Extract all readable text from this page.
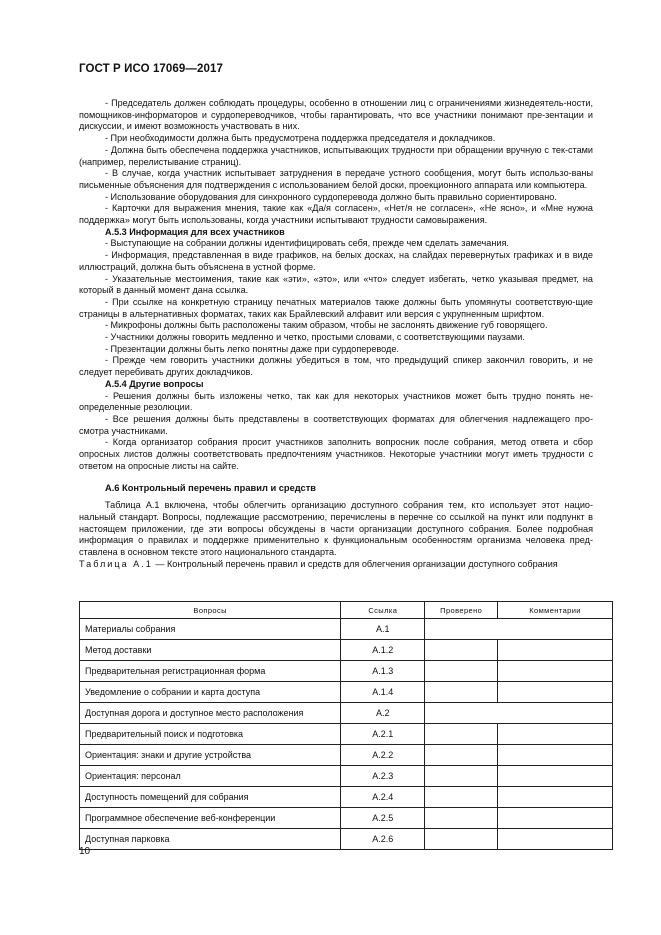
ГОСТ Р ИСО 17069—2017

- Председатель должен соблюдать процедуры, особенно в отношении лиц с ограничениями жизнедеятель-ности, помощников-информаторов и сурдопереводчиков, чтобы гарантировать, что все участники понимают пре-зентации и дискуссии, и имеют возможность участвовать в них.

- При необходимости должна быть предусмотрена поддержка председателя и докладчиков.

- Должна быть обеспечена поддержка участников, испытывающих трудности при обращении вручную с тек-стами (например, перелистывание страниц).

- В случае, когда участник испытывает затруднения в передаче устного сообщения, могут быть использо-ваны письменные объяснения для подтверждения с использованием белой доски, проекционного аппарата или компьютера.

- Использование оборудования для синхронного сурдоперевода должно быть правильно сориентировано.

- Карточки для выражения мнения, такие как «Да/я согласен», «Нет/я не согласен», «Не ясно», и «Мне нужна поддержка» могут быть использованы, когда участники испытывают трудности самовыражения.

А.5.3 Информация для всех участников

- Выступающие на собрании должны идентифицировать себя, прежде чем сделать замечания.

- Информация, представленная в виде графиков, на белых досках, на слайдах перевернутых графиках и в виде иллюстраций, должна быть объяснена в устной форме.

- Указательные местоимения, такие как «эти», «это», или «что» следует избегать, четко указывая предмет, на который в данный момент дана ссылка.

- При ссылке на конкретную страницу печатных материалов также должны быть упомянуты соответствую-щие страницы в альтернативных форматах, таких как Брайлевский алфавит или версия с укрупненным шрифтом.

- Микрофоны должны быть расположены таким образом, чтобы не заслонять движение губ говорящего.

- Участники должны говорить медленно и четко, простыми словами, с соответствующими паузами.

- Презентации должны быть легко понятны даже при сурдопереводе.

- Прежде чем говорить участники должны убедиться в том, что предыдущий спикер закончил говорить, и не следует перебивать других докладчиков.

А.5.4 Другие вопросы

- Решения должны быть изложены четко, так как для некоторых участников может быть трудно понять не-определенные резолюции.

- Все решения должны быть представлены в соответствующих форматах для облегчения надлежащего про-смотра участниками.

- Когда организатор собрания просит участников заполнить вопросник после собрания, метод ответа и сбор опросных листов должны соответствовать предпочтениям участников. Некоторые участники могут иметь трудности с ответом на опросные листы на сайте.

А.6 Контрольный перечень правил и средств

Таблица А.1 включена, чтобы облегчить организацию доступного собрания тем, кто использует этот нацио-нальный стандарт. Вопросы, подлежащие рассмотрению, перечислены в перечне со ссылкой на пункт или подпункт в настоящем приложении, где эти вопросы обсуждены в части организации доступного собрания. Более подробная информация о правилах и поддержке применительно к функциональным особенностям организма человека пред-ставлена в основном тексте этого национального стандарта.

Таблица А.1 — Контрольный перечень правил и средств для облегчения организации доступного собрания

Вопросы	Ссылка	Проверено	Комментарии
Материалы собрания	А.1		
Метод доставки	А.1.2		
Предварительная регистрационная форма	А.1.3		
Уведомление о собрании и карта доступа	А.1.4		
Доступная дорога и доступное место расположения	А.2		
Предварительный поиск и подготовка	А.2.1		
Ориентация: знаки и другие устройства	А.2.2		
Ориентация: персонал	А.2.3		
Доступность помещений для собрания	А.2.4		
Программное обеспечение веб-конференции	А.2.5		
Доступная парковка	А.2.6		
10
